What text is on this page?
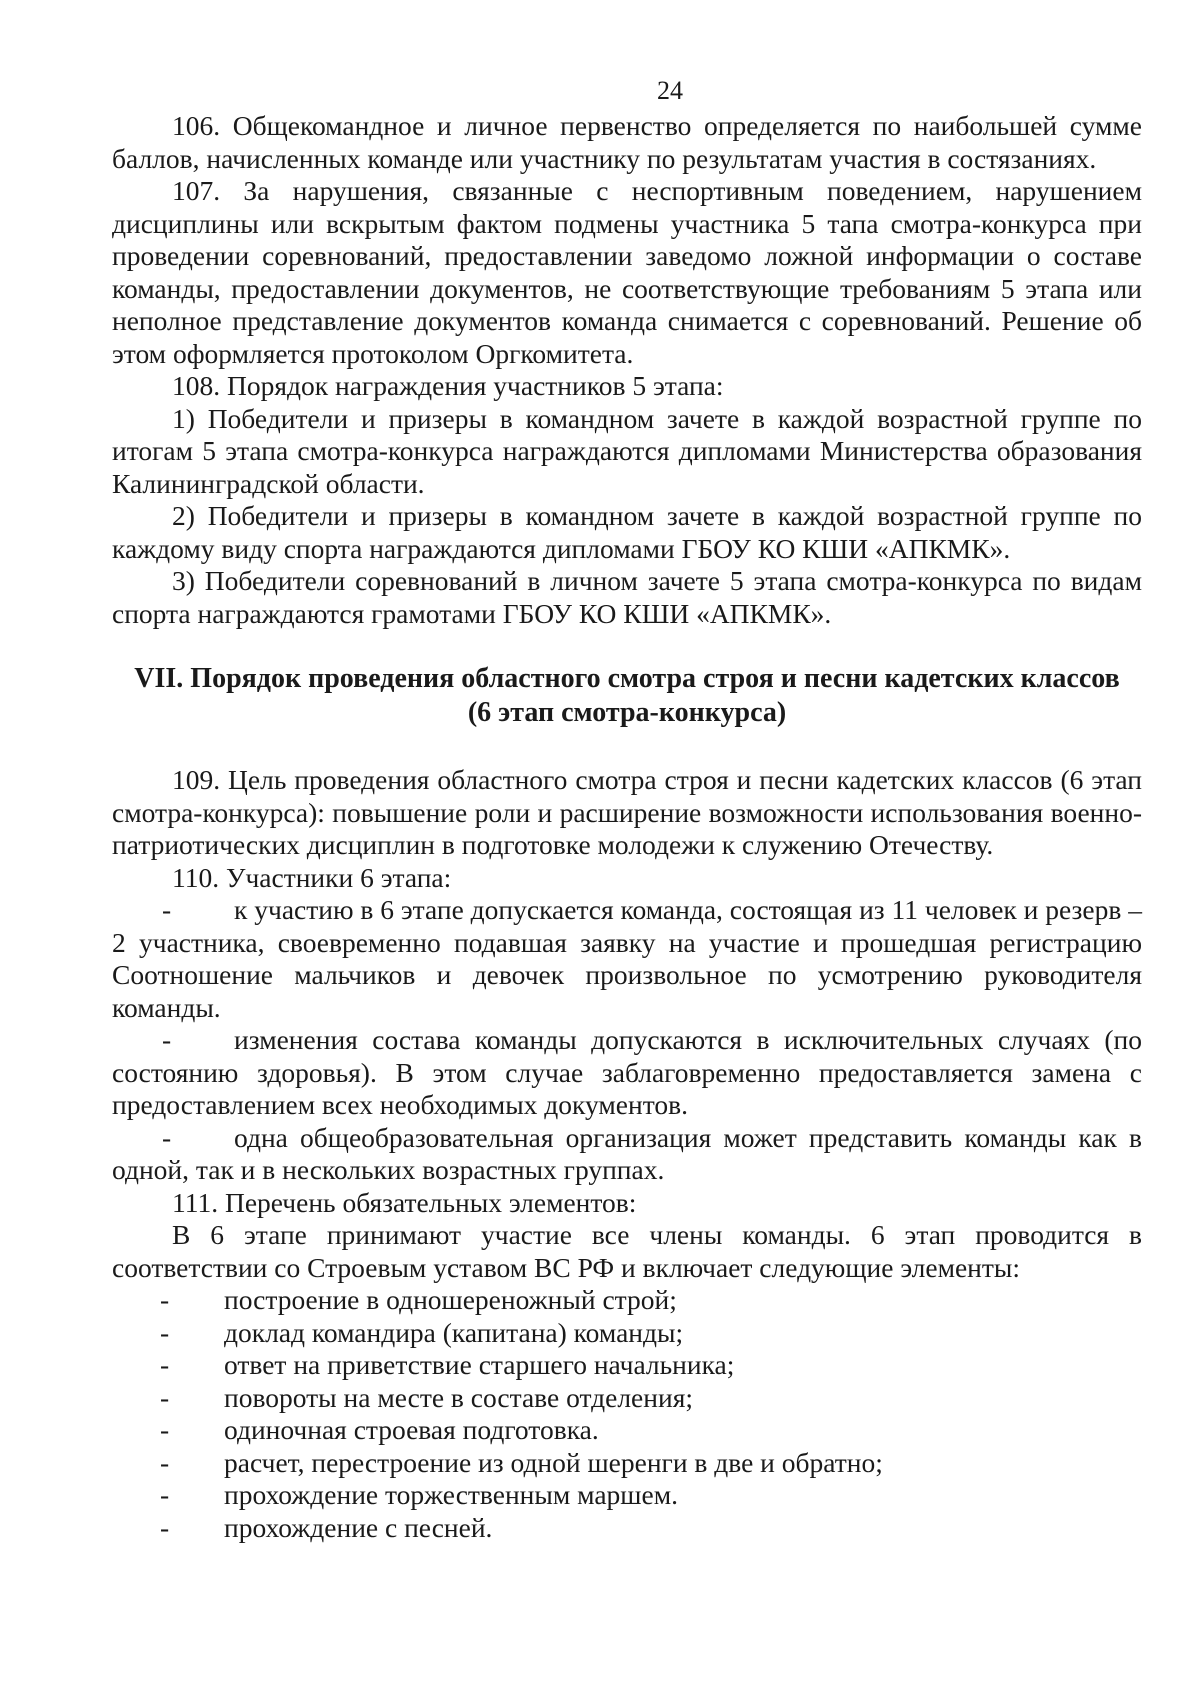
24

106. Общекомандное и личное первенство определяется по наибольшей сумме баллов, начисленных команде или участнику по результатам участия в состязаниях.

107. За нарушения, связанные с неспортивным поведением, нарушением дисциплины или вскрытым фактом подмены участника 5 тапа смотра-конкурса при проведении соревнований, предоставлении заведомо ложной информации о составе команды, предоставлении документов, не соответствующие требованиям 5 этапа или неполное представление документов команда снимается с соревнований. Решение об этом оформляется протоколом Оргкомитета.

108. Порядок награждения участников 5 этапа:

1) Победители и призеры в командном зачете в каждой возрастной группе по итогам 5 этапа смотра-конкурса награждаются дипломами Министерства образования Калининградской области.

2) Победители и призеры в командном зачете в каждой возрастной группе по каждому виду спорта награждаются дипломами ГБОУ КО КШИ «АПКМК».

3) Победители соревнований в личном зачете 5 этапа смотра-конкурса по видам спорта награждаются грамотами ГБОУ КО КШИ «АПКМК».

VII. Порядок проведения областного смотра строя и песни кадетских классов
(6 этап смотра-конкурса)

109. Цель проведения областного смотра строя и песни кадетских классов (6 этап смотра-конкурса): повышение роли и расширение возможности использования военно-патриотических дисциплин в подготовке молодежи к служению Отечеству.

110. Участники 6 этапа:

- к участию в 6 этапе допускается команда, состоящая из 11 человек и резерв – 2 участника, своевременно подавшая заявку на участие и прошедшая регистрацию Соотношение мальчиков и девочек произвольное по усмотрению руководителя команды.
- изменения состава команды допускаются в исключительных случаях (по состоянию здоровья). В этом случае заблаговременно предоставляется замена с предоставлением всех необходимых документов.
- одна общеобразовательная организация может представить команды как в одной, так и в нескольких возрастных группах.

111. Перечень обязательных элементов:

В 6 этапе принимают участие все члены команды. 6 этап проводится в соответствии со Строевым уставом ВС РФ и включает следующие элементы:

-	построение в одношереножный строй;
-	доклад командира (капитана) команды;
-	ответ на приветствие старшего начальника;
-	повороты на месте в составе отделения;
-	одиночная строевая подготовка.
-	расчет, перестроение из одной шеренги в две и обратно;
-	прохождение торжественным маршем.
-	прохождение с песней.
